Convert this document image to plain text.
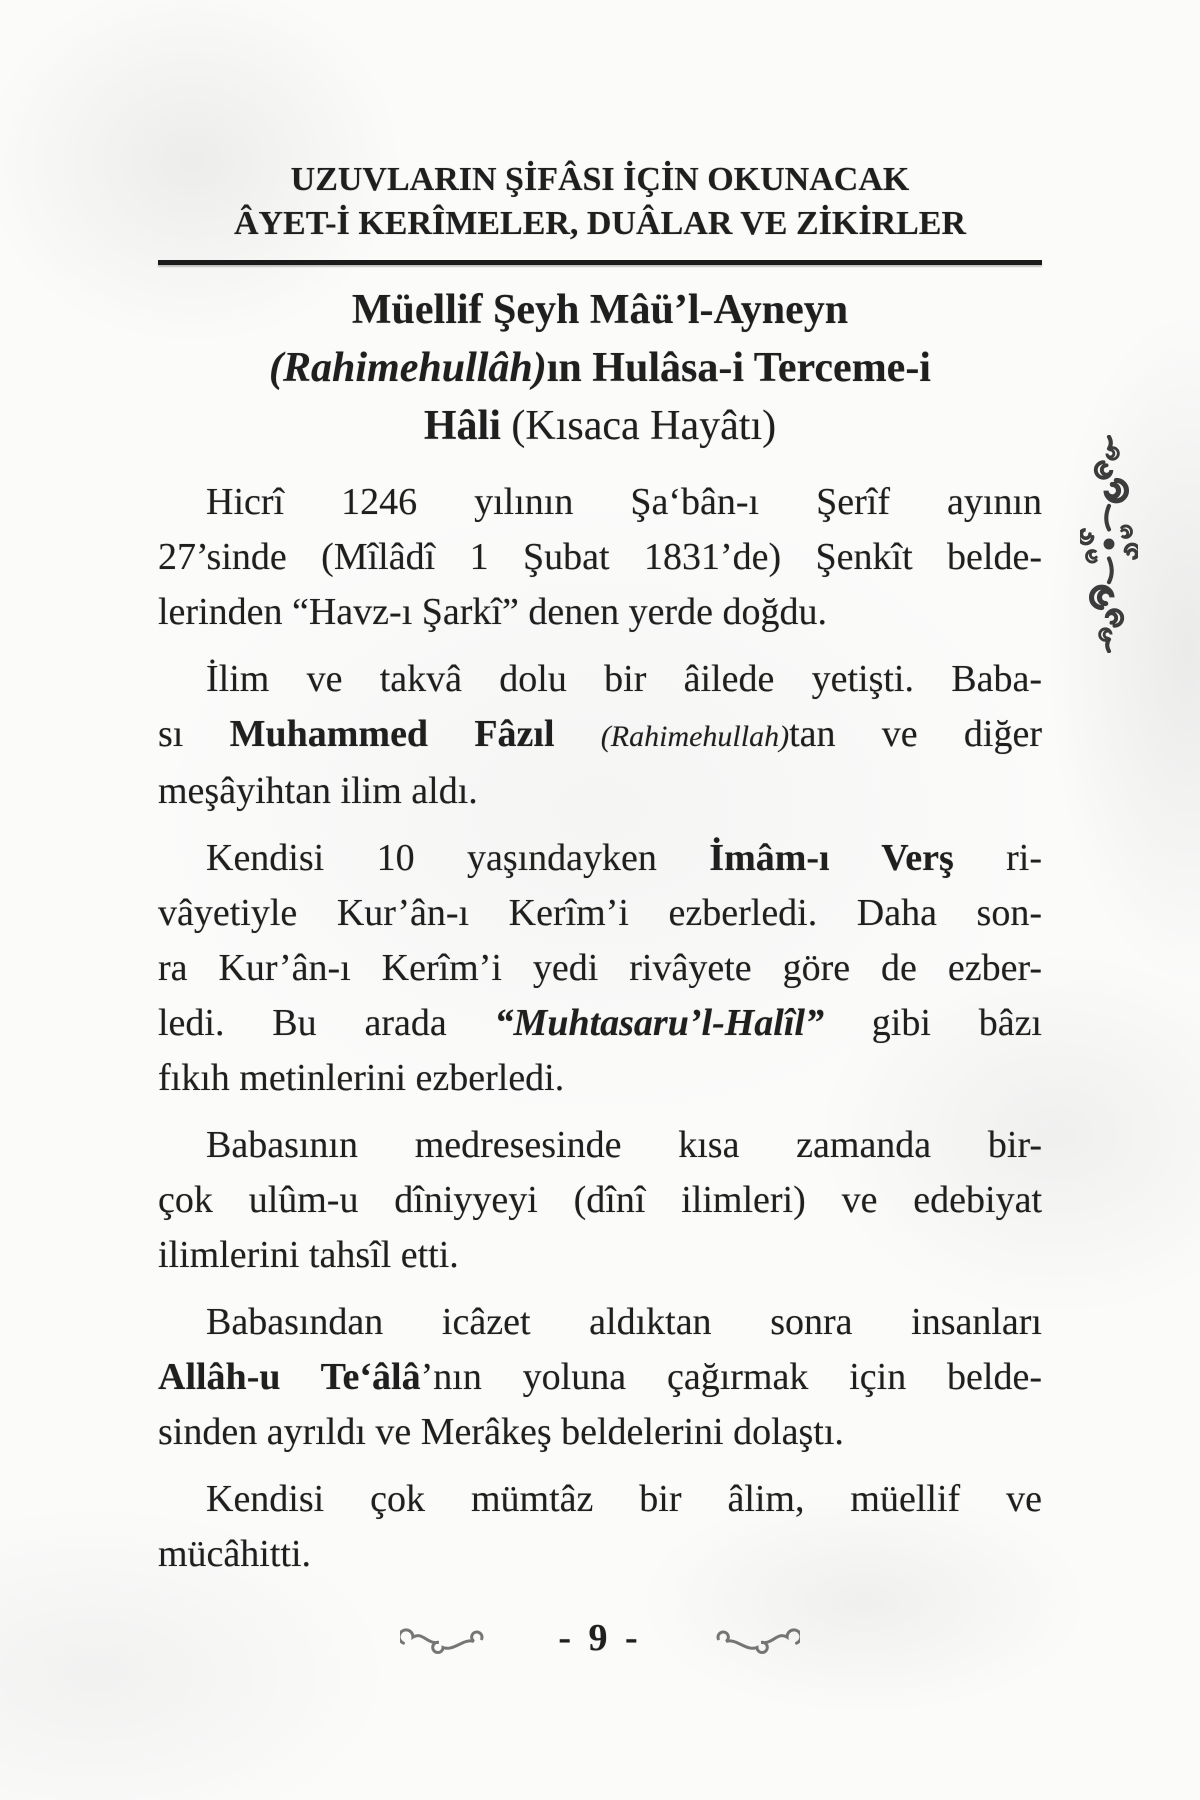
UZUVLARIN ŞİFÂSI İÇİN OKUNACAK
ÂYET-İ KERÎMELER, DUÂLAR VE ZİKİRLER
Müellif Şeyh Mâü’l-Ayneyn
(Rahimehullâh)ın Hulâsa-i Terceme-i
Hâli (Kısaca Hayâtı)
Hicrî 1246 yılının Şa‘bân-ı Şerîf ayının
27’sinde (Mîlâdî 1 Şubat 1831’de) Şenkît belde-
lerinden “Havz-ı Şarkî” denen yerde doğdu.
İlim ve takvâ dolu bir âilede yetişti. Baba-
sı Muhammed Fâzıl (Rahimehullah)tan ve diğer
meşâyihtan ilim aldı.
Kendisi 10 yaşındayken İmâm-ı Verş ri-
vâyetiyle Kur’ân-ı Kerîm’i ezberledi. Daha son-
ra Kur’ân-ı Kerîm’i yedi rivâyete göre de ezber-
ledi. Bu arada “Muhtasaru’l-Halîl” gibi bâzı
fıkıh metinlerini ezberledi.
Babasının medresesinde kısa zamanda bir-
çok ulûm-u dîniyyeyi (dînî ilimleri) ve edebiyat
ilimlerini tahsîl etti.
Babasından icâzet aldıktan sonra insanları
Allâh-u Te‘âlâ’nın yoluna çağırmak için belde-
sinden ayrıldı ve Merâkeş beldelerini dolaştı.
Kendisi çok mümtâz bir âlim, müellif ve
mücâhitti.
- 9 -
